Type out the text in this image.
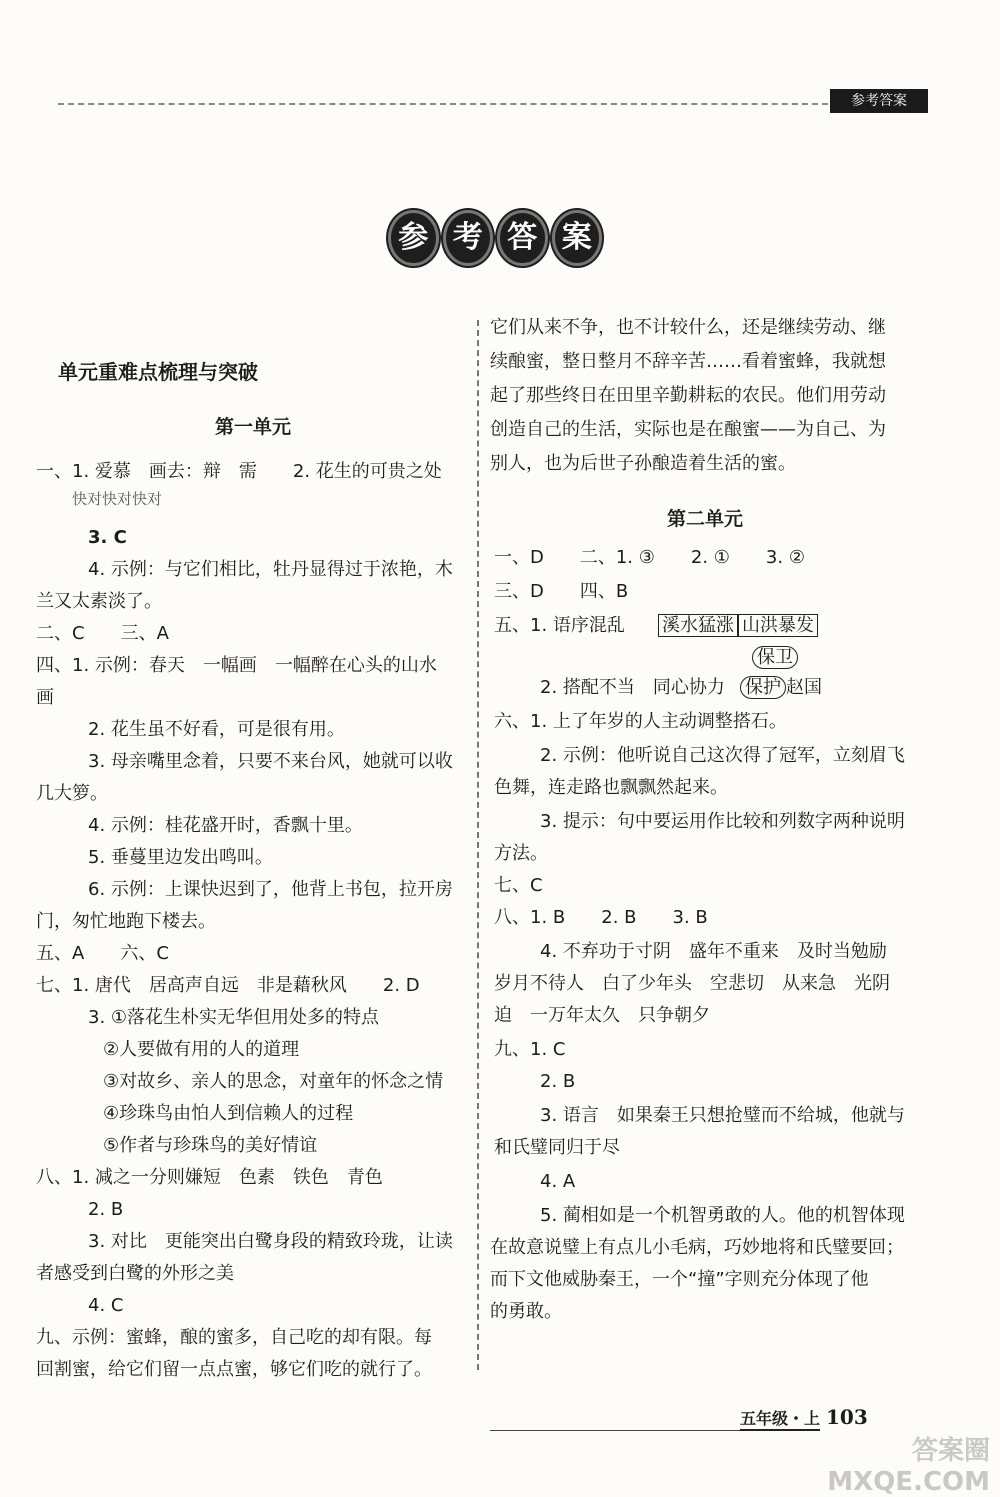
参考答案
参 考 答 案
单元重难点梳理与突破
第一单元
一、1. 爱慕　画去：辩　需　　2. 花生的可贵之处
快对快对快对
3. C
4. 示例：与它们相比，牡丹显得过于浓艳，木
兰又太素淡了。
二、C　　三、A
四、1. 示例：春天　一幅画　一幅醉在心头的山水
画
2. 花生虽不好看，可是很有用。
3. 母亲嘴里念着，只要不来台风，她就可以收
几大箩。
4. 示例：桂花盛开时，香飘十里。
5. 垂蔓里边发出鸣叫。
6. 示例：上课快迟到了，他背上书包，拉开房
门，匆忙地跑下楼去。
五、A　　六、C
七、1. 唐代　居高声自远　非是藉秋风　　2. D
3. ①落花生朴实无华但用处多的特点
②人要做有用的人的道理
③对故乡、亲人的思念，对童年的怀念之情
④珍珠鸟由怕人到信赖人的过程
⑤作者与珍珠鸟的美好情谊
八、1. 减之一分则嫌短　色素　铁色　青色
2. B
3. 对比　更能突出白鹭身段的精致玲珑，让读
者感受到白鹭的外形之美
4. C
九、示例：蜜蜂，酿的蜜多，自己吃的却有限。每
回割蜜，给它们留一点点蜜，够它们吃的就行了。
它们从来不争，也不计较什么，还是继续劳动、继
续酿蜜，整日整月不辞辛苦……看着蜜蜂，我就想
起了那些终日在田里辛勤耕耘的农民。他们用劳动
创造自己的生活，实际也是在酿蜜——为自己、为
别人，也为后世子孙酿造着生活的蜜。
第二单元
一、D　　二、1. ③　　2. ①　　3. ②
三、D　　四、B
五、1. 语序混乱 溪水猛涨 山洪暴发
保卫
2. 搭配不当　同心协力 保护 赵国
六、1. 上了年岁的人主动调整搭石。
2. 示例：他听说自己这次得了冠军，立刻眉飞
色舞，连走路也飘飘然起来。
3. 提示：句中要运用作比较和列数字两种说明
方法。
七、C
八、1. B　　2. B　　3. B
4. 不弃功于寸阴　盛年不重来　及时当勉励
岁月不待人　白了少年头　空悲切　从来急　光阴
迫　一万年太久　只争朝夕
九、1. C
2. B
3. 语言　如果秦王只想抢璧而不给城，他就与
和氏璧同归于尽
4. A
5. 蔺相如是一个机智勇敢的人。他的机智体现
在故意说璧上有点儿小毛病，巧妙地将和氏璧要回；
而下文他威胁秦王，一个“撞”字则充分体现了他
的勇敢。
五年级・上 103
答案圈 MXQE.COM
